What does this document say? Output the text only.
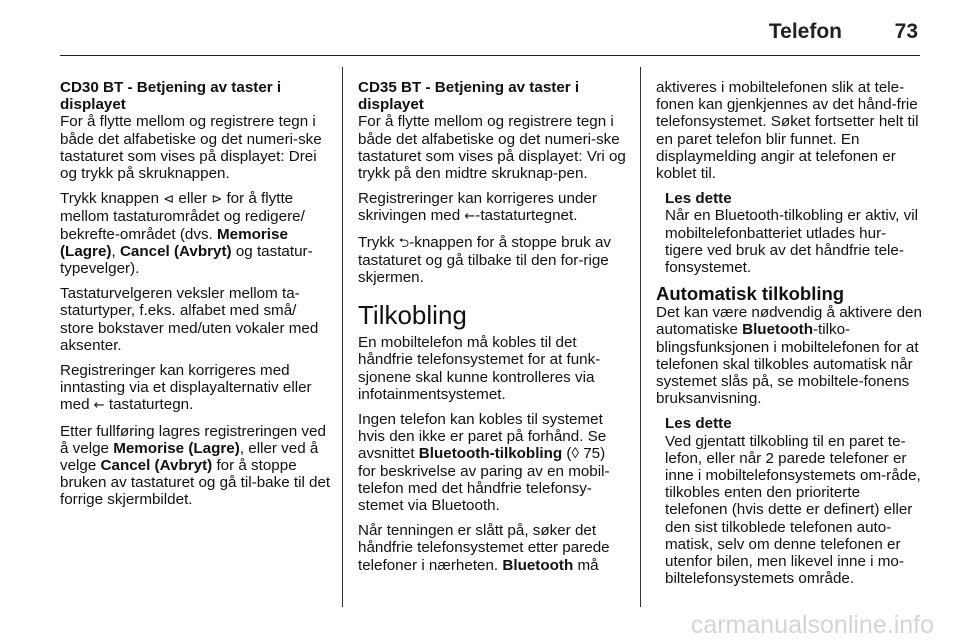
Telefon	73

CD30 BT - Betjening av taster i displayet

For å flytte mellom og registrere tegn i både det alfabetiske og det numeri-ske tastaturet som vises på displayet: Drei og trykk på skruknappen.

Trykk knappen ⊲ eller ⊳ for å flytte mellom tastaturområdet og redigere/ bekrefte-området (dvs. Memorise (Lagre), Cancel (Avbryt) og tastatur-typevelger).

Tastaturvelgeren veksler mellom ta-staturtyper, f.eks. alfabet med små/ store bokstaver med/uten vokaler med aksenter.

Registreringer kan korrigeres med inntasting via et displayalternativ eller med ← tastaturtegn.

Etter fullføring lagres registreringen ved å velge Memorise (Lagre), eller ved å velge Cancel (Avbryt) for å stoppe bruken av tastaturet og gå til-bake til det forrige skjermbildet.

CD35 BT - Betjening av taster i displayet

For å flytte mellom og registrere tegn i både det alfabetiske og det numeri-ske tastaturet som vises på displayet: Vri og trykk på den midtre skruknap-pen.

Registreringer kan korrigeres under skrivingen med ←-tastaturtegnet.

Trykk ⮌-knappen for å stoppe bruk av tastaturet og gå tilbake til den for-rige skjermen.

Tilkobling

En mobiltelefon må kobles til det håndfrie telefonsystemet for at funk-sjonene skal kunne kontrolleres via infotainmentsystemet.

Ingen telefon kan kobles til systemet hvis den ikke er paret på forhånd. Se avsnittet Bluetooth-tilkobling (◊ 75) for beskrivelse av paring av en mobil-telefon med det håndfrie telefonsy-stemet via Bluetooth.

Når tenningen er slått på, søker det håndfrie telefonsystemet etter parede telefoner i nærheten. Bluetooth må

aktiveres i mobiltelefonen slik at tele-fonen kan gjenkjennes av det hånd-frie telefonsystemet. Søket fortsetter helt til en paret telefon blir funnet. En displaymelding angir at telefonen er koblet til.

Les dette

Når en Bluetooth-tilkobling er aktiv, vil mobiltelefonbatteriet utlades hur-tigere ved bruk av det håndfrie tele-fonsystemet.

Automatisk tilkobling

Det kan være nødvendig å aktivere den automatiske Bluetooth-tilko-blingsfunksjonen i mobiltelefonen for at telefonen skal tilkobles automatisk når systemet slås på, se mobiltele-fonens bruksanvisning.

Les dette

Ved gjentatt tilkobling til en paret te-lefon, eller når 2 parede telefoner er inne i mobiltelefonsystemets om-råde, tilkobles enten den prioriterte telefonen (hvis dette er definert) eller den sist tilkoblede telefonen auto-matisk, selv om denne telefonen er utenfor bilen, men likevel inne i mo-biltelefonsystemets område.

carmanualsonline.info
